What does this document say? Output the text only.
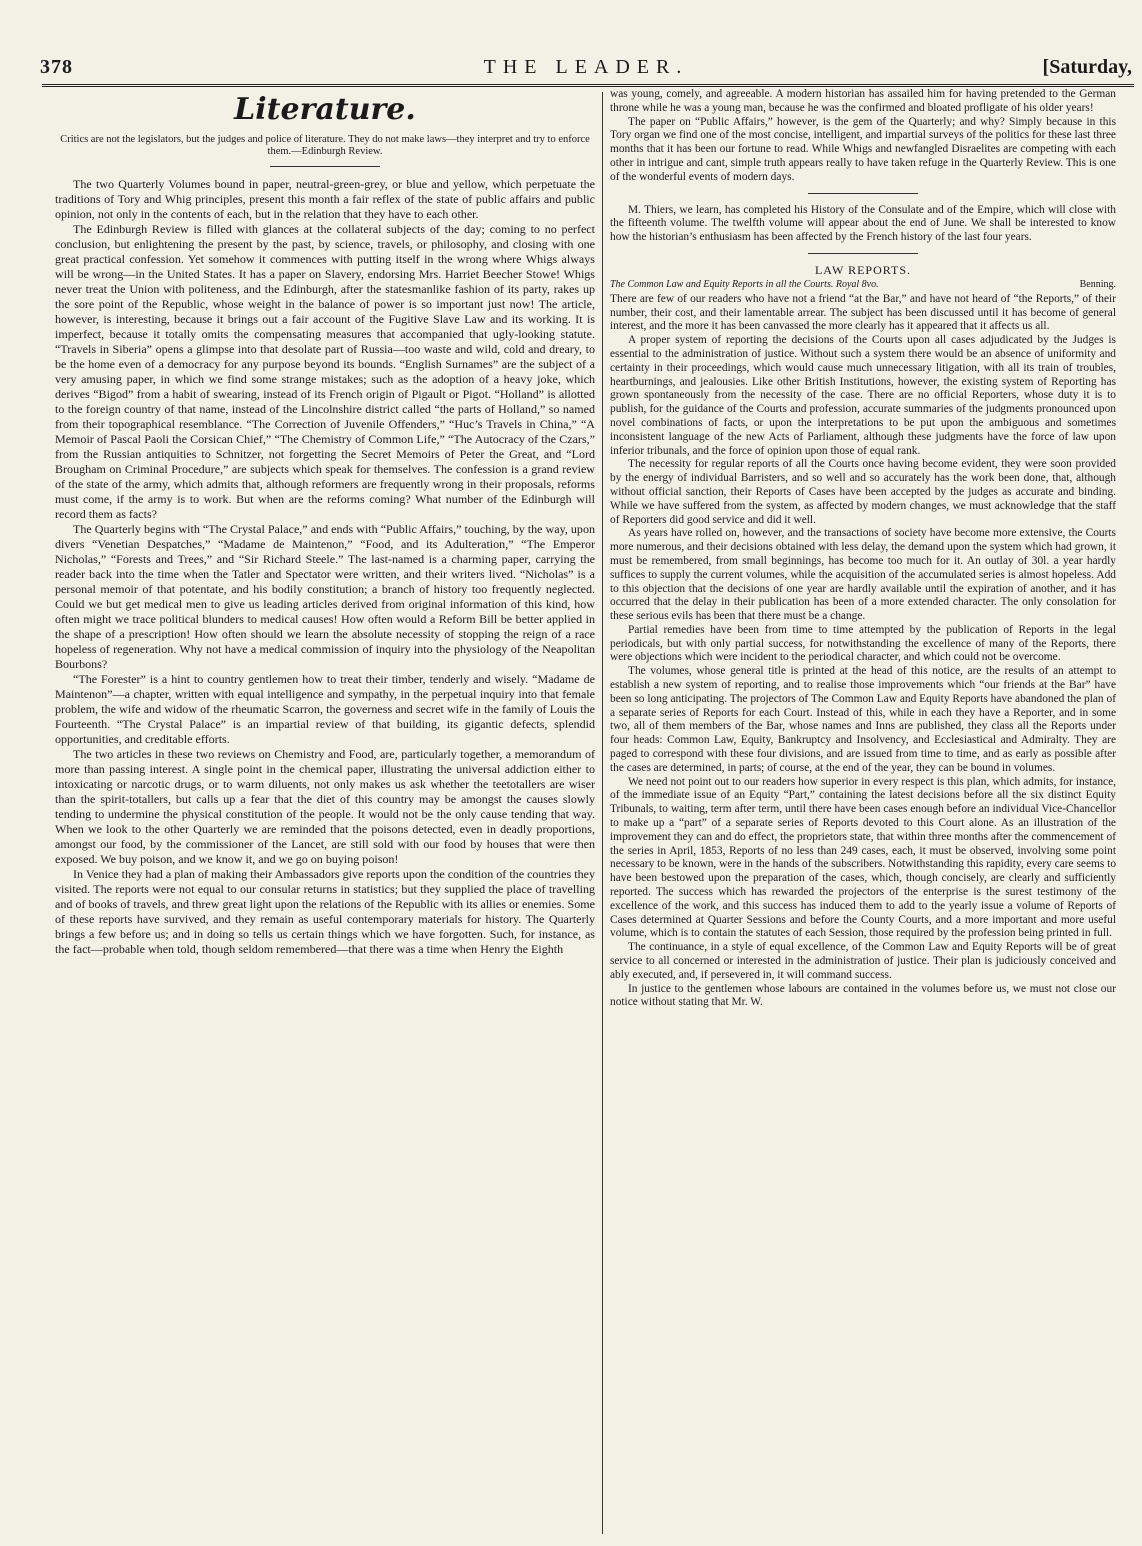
378	THE LEADER.	[Saturday,
Literature.
Critics are not the legislators, but the judges and police of literature. They do not make laws—they interpret and try to enforce them.—Edinburgh Review.

The two Quarterly Volumes bound in paper, neutral-green-grey, or blue and yellow, which perpetuate the traditions of Tory and Whig principles, present this month a fair reflex of the state of public affairs and public opinion, not only in the contents of each, but in the relation that they have to each other.

The Edinburgh Review is filled with glances at the collateral subjects of the day; coming to no perfect conclusion, but enlightening the present by the past, by science, travels, or philosophy, and closing with one great practical confession. Yet somehow it commences with putting itself in the wrong where Whigs always will be wrong—in the United States. It has a paper on Slavery, endorsing Mrs. Harriet Beecher Stowe! Whigs never treat the Union with politeness, and the Edinburgh, after the statesmanlike fashion of its party, rakes up the sore point of the Republic, whose weight in the balance of power is so important just now! The article, however, is interesting, because it brings out a fair account of the Fugitive Slave Law and its working. It is imperfect, because it totally omits the compensating measures that accompanied that ugly-looking statute. “Travels in Siberia” opens a glimpse into that desolate part of Russia—too waste and wild, cold and dreary, to be the home even of a democracy for any purpose beyond its bounds. “English Surnames” are the subject of a very amusing paper, in which we find some strange mistakes; such as the adoption of a heavy joke, which derives “Bigod” from a habit of swearing, instead of its French origin of Pigault or Pigot. “Holland” is allotted to the foreign country of that name, instead of the Lincolnshire district called “the parts of Holland,” so named from their topographical resemblance. “The Correction of Juvenile Offenders,” “Huc’s Travels in China,” “A Memoir of Pascal Paoli the Corsican Chief,” “The Chemistry of Common Life,” “The Autocracy of the Czars,” from the Russian antiquities to Schnitzer, not forgetting the Secret Memoirs of Peter the Great, and “Lord Brougham on Criminal Procedure,” are subjects which speak for themselves. The confession is a grand review of the state of the army, which admits that, although reformers are frequently wrong in their proposals, reforms must come, if the army is to work. But when are the reforms coming? What number of the Edinburgh will record them as facts?

The Quarterly begins with “The Crystal Palace,” and ends with “Public Affairs,” touching, by the way, upon divers “Venetian Despatches,” “Madame de Maintenon,” “Food, and its Adulteration,” “The Emperor Nicholas,” “Forests and Trees,” and “Sir Richard Steele.” The last-named is a charming paper, carrying the reader back into the time when the Tatler and Spectator were written, and their writers lived. “Nicholas” is a personal memoir of that potentate, and his bodily constitution; a branch of history too frequently neglected. Could we but get medical men to give us leading articles derived from original information of this kind, how often might we trace political blunders to medical causes! How often would a Reform Bill be better applied in the shape of a prescription! How often should we learn the absolute necessity of stopping the reign of a race hopeless of regeneration. Why not have a medical commission of inquiry into the physiology of the Neapolitan Bourbons?

“The Forester” is a hint to country gentlemen how to treat their timber, tenderly and wisely. “Madame de Maintenon”—a chapter, written with equal intelligence and sympathy, in the perpetual inquiry into that female problem, the wife and widow of the rheumatic Scarron, the governess and secret wife in the family of Louis the Fourteenth. “The Crystal Palace” is an impartial review of that building, its gigantic defects, splendid opportunities, and creditable efforts.

The two articles in these two reviews on Chemistry and Food, are, particularly together, a memorandum of more than passing interest. A single point in the chemical paper, illustrating the universal addiction either to intoxicating or narcotic drugs, or to warm diluents, not only makes us ask whether the teetotallers are wiser than the spirit-totallers, but calls up a fear that the diet of this country may be amongst the causes slowly tending to undermine the physical constitution of the people. It would not be the only cause tending that way. When we look to the other Quarterly we are reminded that the poisons detected, even in deadly proportions, amongst our food, by the commissioner of the Lancet, are still sold with our food by houses that were then exposed. We buy poison, and we know it, and we go on buying poison!

In Venice they had a plan of making their Ambassadors give reports upon the condition of the countries they visited. The reports were not equal to our consular returns in statistics; but they supplied the place of travelling and of books of travels, and threw great light upon the relations of the Republic with its allies or enemies. Some of these reports have survived, and they remain as useful contemporary materials for history. The Quarterly brings a few before us; and in doing so tells us certain things which we have forgotten. Such, for instance, as the fact—probable when told, though seldom remembered—that there was a time when Henry the Eighth

was young, comely, and agreeable. A modern historian has assailed him for having pretended to the German throne while he was a young man, because he was the confirmed and bloated profligate of his older years!

The paper on “Public Affairs,” however, is the gem of the Quarterly; and why? Simply because in this Tory organ we find one of the most concise, intelligent, and impartial surveys of the politics for these last three months that it has been our fortune to read. While Whigs and newfangled Disraelites are competing with each other in intrigue and cant, simple truth appears really to have taken refuge in the Quarterly Review. This is one of the wonderful events of modern days.

M. Thiers, we learn, has completed his History of the Consulate and of the Empire, which will close with the fifteenth volume. The twelfth volume will appear about the end of June. We shall be interested to know how the historian’s enthusiasm has been affected by the French history of the last four years.

LAW REPORTS.
The Common Law and Equity Reports in all the Courts. Royal 8vo.	Benning.

There are few of our readers who have not a friend “at the Bar,” and have not heard of “the Reports,” of their number, their cost, and their lamentable arrear. The subject has been discussed until it has become of general interest, and the more it has been canvassed the more clearly has it appeared that it affects us all.

A proper system of reporting the decisions of the Courts upon all cases adjudicated by the Judges is essential to the administration of justice. Without such a system there would be an absence of uniformity and certainty in their proceedings, which would cause much unnecessary litigation, with all its train of troubles, heartburnings, and jealousies. Like other British Institutions, however, the existing system of Reporting has grown spontaneously from the necessity of the case. There are no official Reporters, whose duty it is to publish, for the guidance of the Courts and profession, accurate summaries of the judgments pronounced upon novel combinations of facts, or upon the interpretations to be put upon the ambiguous and sometimes inconsistent language of the new Acts of Parliament, although these judgments have the force of law upon inferior tribunals, and the force of opinion upon those of equal rank.

The necessity for regular reports of all the Courts once having become evident, they were soon provided by the energy of individual Barristers, and so well and so accurately has the work been done, that, although without official sanction, their Reports of Cases have been accepted by the judges as accurate and binding. While we have suffered from the system, as affected by modern changes, we must acknowledge that the staff of Reporters did good service and did it well.

As years have rolled on, however, and the transactions of society have become more extensive, the Courts more numerous, and their decisions obtained with less delay, the demand upon the system which had grown, it must be remembered, from small beginnings, has become too much for it. An outlay of 30l. a year hardly suffices to supply the current volumes, while the acquisition of the accumulated series is almost hopeless. Add to this objection that the decisions of one year are hardly available until the expiration of another, and it has occurred that the delay in their publication has been of a more extended character. The only consolation for these serious evils has been that there must be a change.

Partial remedies have been from time to time attempted by the publication of Reports in the legal periodicals, but with only partial success, for notwithstanding the excellence of many of the Reports, there were objections which were incident to the periodical character, and which could not be overcome.

The volumes, whose general title is printed at the head of this notice, are the results of an attempt to establish a new system of reporting, and to realise those improvements which “our friends at the Bar” have been so long anticipating. The projectors of The Common Law and Equity Reports have abandoned the plan of a separate series of Reports for each Court. Instead of this, while in each they have a Reporter, and in some two, all of them members of the Bar, whose names and Inns are published, they class all the Reports under four heads: Common Law, Equity, Bankruptcy and Insolvency, and Ecclesiastical and Admiralty. They are paged to correspond with these four divisions, and are issued from time to time, and as early as possible after the cases are determined, in parts; of course, at the end of the year, they can be bound in volumes.

We need not point out to our readers how superior in every respect is this plan, which admits, for instance, of the immediate issue of an Equity “Part,” containing the latest decisions before all the six distinct Equity Tribunals, to waiting, term after term, until there have been cases enough before an individual Vice-Chancellor to make up a “part” of a separate series of Reports devoted to this Court alone. As an illustration of the improvement they can and do effect, the proprietors state, that within three months after the commencement of the series in April, 1853, Reports of no less than 249 cases, each, it must be observed, involving some point necessary to be known, were in the hands of the subscribers. Notwithstanding this rapidity, every care seems to have been bestowed upon the preparation of the cases, which, though concisely, are clearly and sufficiently reported. The success which has rewarded the projectors of the enterprise is the surest testimony of the excellence of the work, and this success has induced them to add to the yearly issue a volume of Reports of Cases determined at Quarter Sessions and before the County Courts, and a more important and more useful volume, which is to contain the statutes of each Session, those required by the profession being printed in full.

The continuance, in a style of equal excellence, of the Common Law and Equity Reports will be of great service to all concerned or interested in the administration of justice. Their plan is judiciously conceived and ably executed, and, if persevered in, it will command success.

In justice to the gentlemen whose labours are contained in the volumes before us, we must not close our notice without stating that Mr. W.
